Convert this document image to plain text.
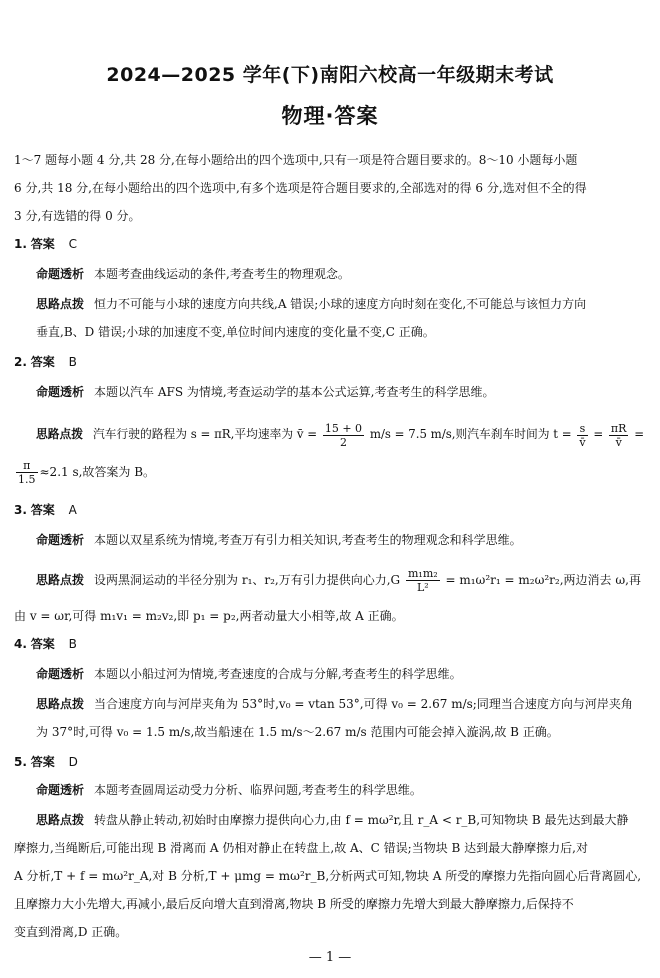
2024—2025 学年(下)南阳六校高一年级期末考试
物理·答案
1～7 题每小题 4 分,共 28 分,在每小题给出的四个选项中,只有一项是符合题目要求的。8～10 小题每小题
6 分,共 18 分,在每小题给出的四个选项中,有多个选项是符合题目要求的,全部选对的得 6 分,选对但不全的得
3 分,有选错的得 0 分。
1. 答案 C
命题透析 本题考查曲线运动的条件,考查考生的物理观念。
思路点拨 恒力不可能与小球的速度方向共线,A 错误;小球的速度方向时刻在变化,不可能总与该恒力方向
垂直,B、D 错误;小球的加速度不变,单位时间内速度的变化量不变,C 正确。
2. 答案 B
命题透析 本题以汽车 AFS 为情境,考查运动学的基本公式运算,考查考生的科学思维。
思路点拨 汽车行驶的路程为 s = πR,平均速率为 v̄ = $\frac{15 + 0}{2} m/s = 7.5$ m/s,则汽车刹车时间为 $t = \frac{s}{v̄} = \frac{\pi R}{v̄}$ =
$\frac{\pi}{1.5} \approx 2.1$ s,故答案为 B。
3. 答案 A
命题透析 本题以双星系统为情境,考查万有引力相关知识,考查考生的物理观念和科学思维。
思路点拨 设两黑洞运动的半径分别为 r₁、r₂,万有引力提供向心力$,G \frac{\text{m₁m₂}}{\text{L²}} = m_1\omega^2r_1 = m_2\omega^2r_2$,两边消去 ω,再
由 v = ωr,可得 m₁v₁ = m₂v₂,即 p₁ = p₂,两者动量大小相等,故 A 正确。
4. 答案 B
命题透析 本题以小船过河为情境,考查速度的合成与分解,考查考生的科学思维。
思路点拨 当合速度方向与河岸夹角为 53°时,v₀ = vtan 53°,可得 v₀ = 2.67 m/s;同理当合速度方向与河岸夹角
为 37°时,可得 v₀ = 1.5 m/s,故当船速在 1.5 m/s～2.67 m/s 范围内可能会掉入漩涡,故 B 正确。
5. 答案 D
命题透析 本题考查圆周运动受力分析、临界问题,考查考生的科学思维。
思路点拨 转盘从静止转动,初始时由摩擦力提供向心力,由 f = mω²r,且 r_A < r_B,可知物块 B 最先达到最大静
摩擦力,当绳断后,可能出现 B 滑离而 A 仍相对静止在转盘上,故 A、C 错误;当物块 B 达到最大静摩擦力后,对
A 分析,T + f = mω²r_A,对 B 分析,T + μmg = mω²r_B,分析两式可知,物块 A 所受的摩擦力先指向圆心后背离圆心,
且摩擦力大小先增大,再减小,最后反向增大直到滑离,物块 B 所受的摩擦力先增大到最大静摩擦力,后保持不
变直到滑离,D 正确。
— 1 —
